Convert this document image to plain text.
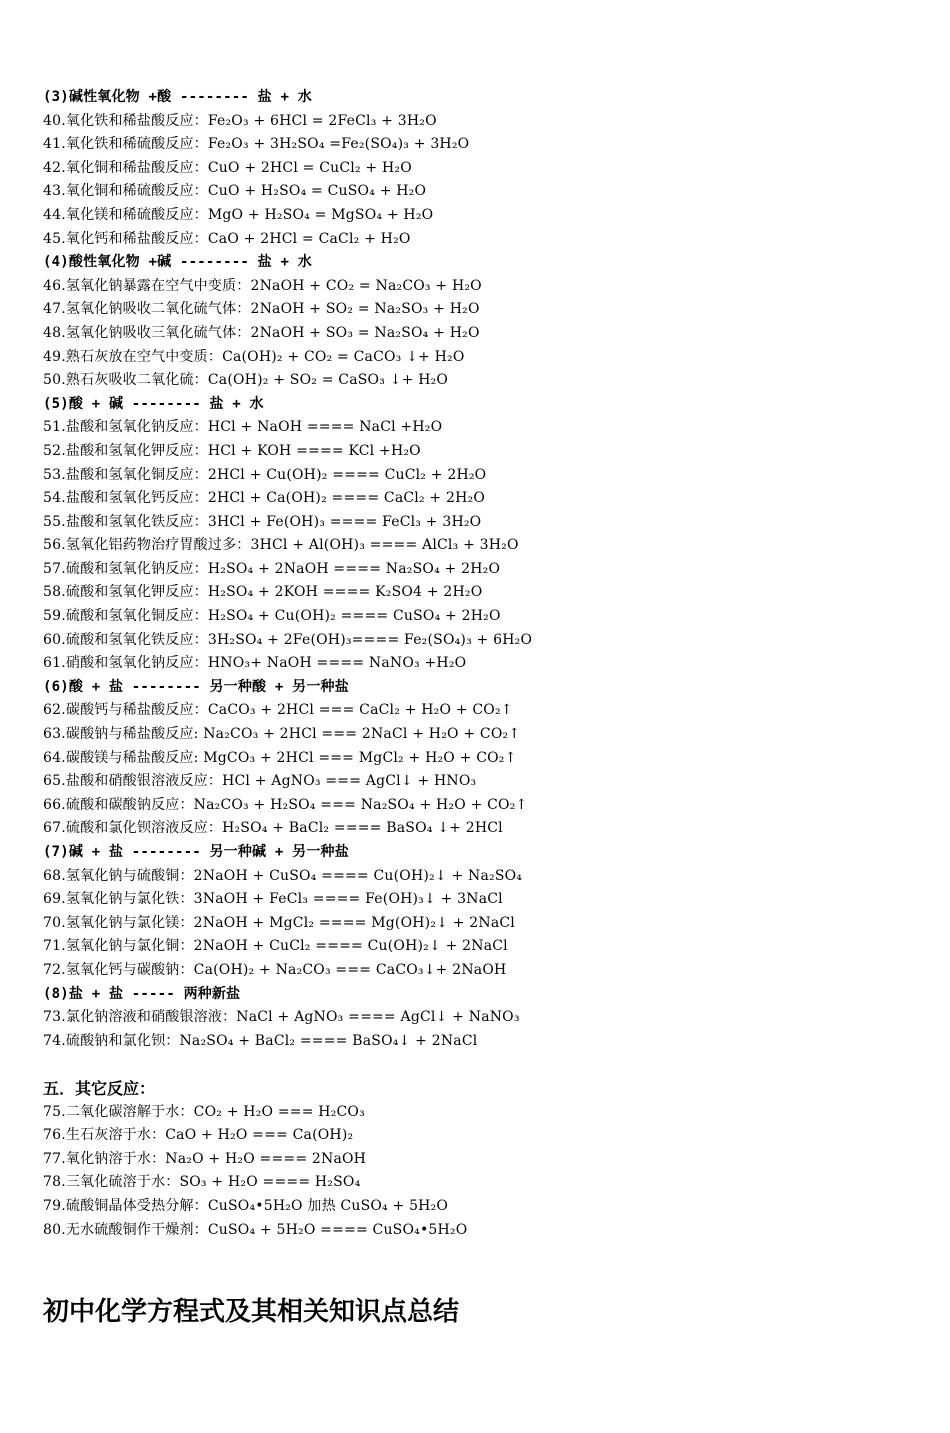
(3)碱性氧化物 +酸 -------- 盐 + 水
40.氧化铁和稀盐酸反应：Fe₂O₃ + 6HCl = 2FeCl₃ + 3H₂O
41.氧化铁和稀硫酸反应：Fe₂O₃ + 3H₂SO₄ =Fe₂(SO₄)₃ + 3H₂O
42.氧化铜和稀盐酸反应：CuO + 2HCl = CuCl₂ + H₂O
43.氧化铜和稀硫酸反应：CuO + H₂SO₄ = CuSO₄ + H₂O
44.氧化镁和稀硫酸反应：MgO + H₂SO₄ = MgSO₄ + H₂O
45.氧化钙和稀盐酸反应：CaO + 2HCl = CaCl₂ + H₂O
(4)酸性氧化物 +碱 -------- 盐 + 水
46.氢氧化钠暴露在空气中变质：2NaOH + CO₂ = Na₂CO₃ + H₂O
47.氢氧化钠吸收二氧化硫气体：2NaOH + SO₂ = Na₂SO₃ + H₂O
48.氢氧化钠吸收三氧化硫气体：2NaOH + SO₃ = Na₂SO₄ + H₂O
49.熟石灰放在空气中变质：Ca(OH)₂ + CO₂ = CaCO₃ ↓+ H₂O
50.熟石灰吸收二氧化硫：Ca(OH)₂ + SO₂ = CaSO₃ ↓+ H₂O
(5)酸 + 碱 -------- 盐 + 水
51.盐酸和氢氧化钠反应：HCl + NaOH ==== NaCl +H₂O
52.盐酸和氢氧化钾反应：HCl + KOH ==== KCl +H₂O
53.盐酸和氢氧化铜反应：2HCl + Cu(OH)₂ ==== CuCl₂ + 2H₂O
54.盐酸和氢氧化钙反应：2HCl + Ca(OH)₂ ==== CaCl₂ + 2H₂O
55.盐酸和氢氧化铁反应：3HCl + Fe(OH)₃ ==== FeCl₃ + 3H₂O
56.氢氧化铝药物治疗胃酸过多：3HCl + Al(OH)₃ ==== AlCl₃ + 3H₂O
57.硫酸和氢氧化钠反应：H₂SO₄ + 2NaOH ==== Na₂SO₄ + 2H₂O
58.硫酸和氢氧化钾反应：H₂SO₄ + 2KOH ==== K₂SO4 + 2H₂O
59.硫酸和氢氧化铜反应：H₂SO₄ + Cu(OH)₂ ==== CuSO₄ + 2H₂O
60.硫酸和氢氧化铁反应：3H₂SO₄ + 2Fe(OH)₃==== Fe₂(SO₄)₃ + 6H₂O
61.硝酸和氢氧化钠反应：HNO₃+ NaOH ==== NaNO₃ +H₂O
(6)酸 + 盐 -------- 另一种酸 + 另一种盐
62.碳酸钙与稀盐酸反应：CaCO₃ + 2HCl === CaCl₂ + H₂O + CO₂↑
63.碳酸钠与稀盐酸反应: Na₂CO₃ + 2HCl === 2NaCl + H₂O + CO₂↑
64.碳酸镁与稀盐酸反应: MgCO₃ + 2HCl === MgCl₂ + H₂O + CO₂↑
65.盐酸和硝酸银溶液反应：HCl + AgNO₃ === AgCl↓ + HNO₃
66.硫酸和碳酸钠反应：Na₂CO₃ + H₂SO₄ === Na₂SO₄ + H₂O + CO₂↑
67.硫酸和氯化钡溶液反应：H₂SO₄ + BaCl₂ ==== BaSO₄ ↓+ 2HCl
(7)碱 + 盐 -------- 另一种碱 + 另一种盐
68.氢氧化钠与硫酸铜：2NaOH + CuSO₄ ==== Cu(OH)₂↓ + Na₂SO₄
69.氢氧化钠与氯化铁：3NaOH + FeCl₃ ==== Fe(OH)₃↓ + 3NaCl
70.氢氧化钠与氯化镁：2NaOH + MgCl₂ ==== Mg(OH)₂↓ + 2NaCl
71.氢氧化钠与氯化铜：2NaOH + CuCl₂ ==== Cu(OH)₂↓ + 2NaCl
72.氢氧化钙与碳酸钠：Ca(OH)₂ + Na₂CO₃ === CaCO₃↓+ 2NaOH
(8)盐 + 盐 ----- 两种新盐
73.氯化钠溶液和硝酸银溶液：NaCl + AgNO₃ ==== AgCl↓ + NaNO₃
74.硫酸钠和氯化钡：Na₂SO₄ + BaCl₂ ==== BaSO₄↓ + 2NaCl
五．其它反应：
75.二氧化碳溶解于水：CO₂ + H₂O === H₂CO₃
76.生石灰溶于水：CaO + H₂O === Ca(OH)₂
77.氧化钠溶于水：Na₂O + H₂O ==== 2NaOH
78.三氧化硫溶于水：SO₃ + H₂O ==== H₂SO₄
79.硫酸铜晶体受热分解：CuSO₄•5H₂O 加热 CuSO₄ + 5H₂O
80.无水硫酸铜作干燥剂：CuSO₄ + 5H₂O ==== CuSO₄•5H₂O
初中化学方程式及其相关知识点总结
